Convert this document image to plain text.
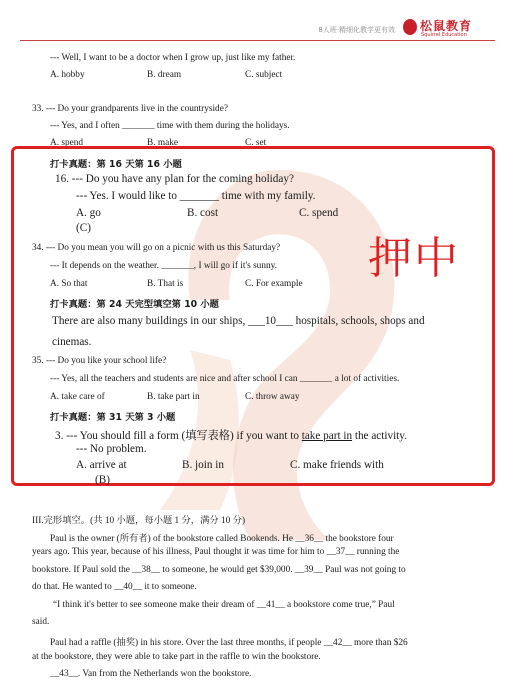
8人班·精细化教学更有效 松鼠教育
Squirrel Education
--- Well, I want to be a doctor when I grow up, just like my father.
A. hobby	B. dream	C. subject
33. --- Do your grandparents live in the countryside?
--- Yes, and I often _______ time with them during the holidays.
A. spend	B. make	C. set
押中
打卡真题：第 16 天第 16 小题
16. --- Do you have any plan for the coming holiday?
--- Yes. I would like to _______ time with my family.
A. go	B. cost	C. spend
(C)
34. --- Do you mean you will go on a picnic with us this Saturday?
--- It depends on the weather. _______, I will go if it's sunny.
A. So that	B. That is	C. For example
打卡真题：第 24 天完型填空第 10 小题
There are also many buildings in our ships, ___10___ hospitals, schools, shops and
cinemas.
35. --- Do you like your school life?
--- Yes, all the teachers and students are nice and after school I can _______ a lot of activities.
A. take care of	B. take part in	C. throw away
打卡真题：第 31 天第 3 小题
3. --- You should fill a form (填写表格) if you want to take part in the activity.
--- No problem.
A. arrive at	B. join in	C. make friends with
(B)
III.完形填空。(共 10 小题，每小题 1 分，满分 10 分)
Paul is the owner (所有者) of the bookstore called Bookends. He __36__ the bookstore four
years ago. This year, because of his illness, Paul thought it was time for him to __37__ running the
bookstore. If Paul sold the __38__ to someone, he would get $39,000. __39__ Paul was not going to
do that. He wanted to __40__ it to someone.
“I think it's better to see someone make their dream of __41__ a bookstore come true,” Paul
said.
Paul had a raffle (抽奖) in his store. Over the last three months, if people __42__ more than $26
at the bookstore, they were able to take part in the raffle to win the bookstore.
__43__. Van from the Netherlands won the bookstore.
